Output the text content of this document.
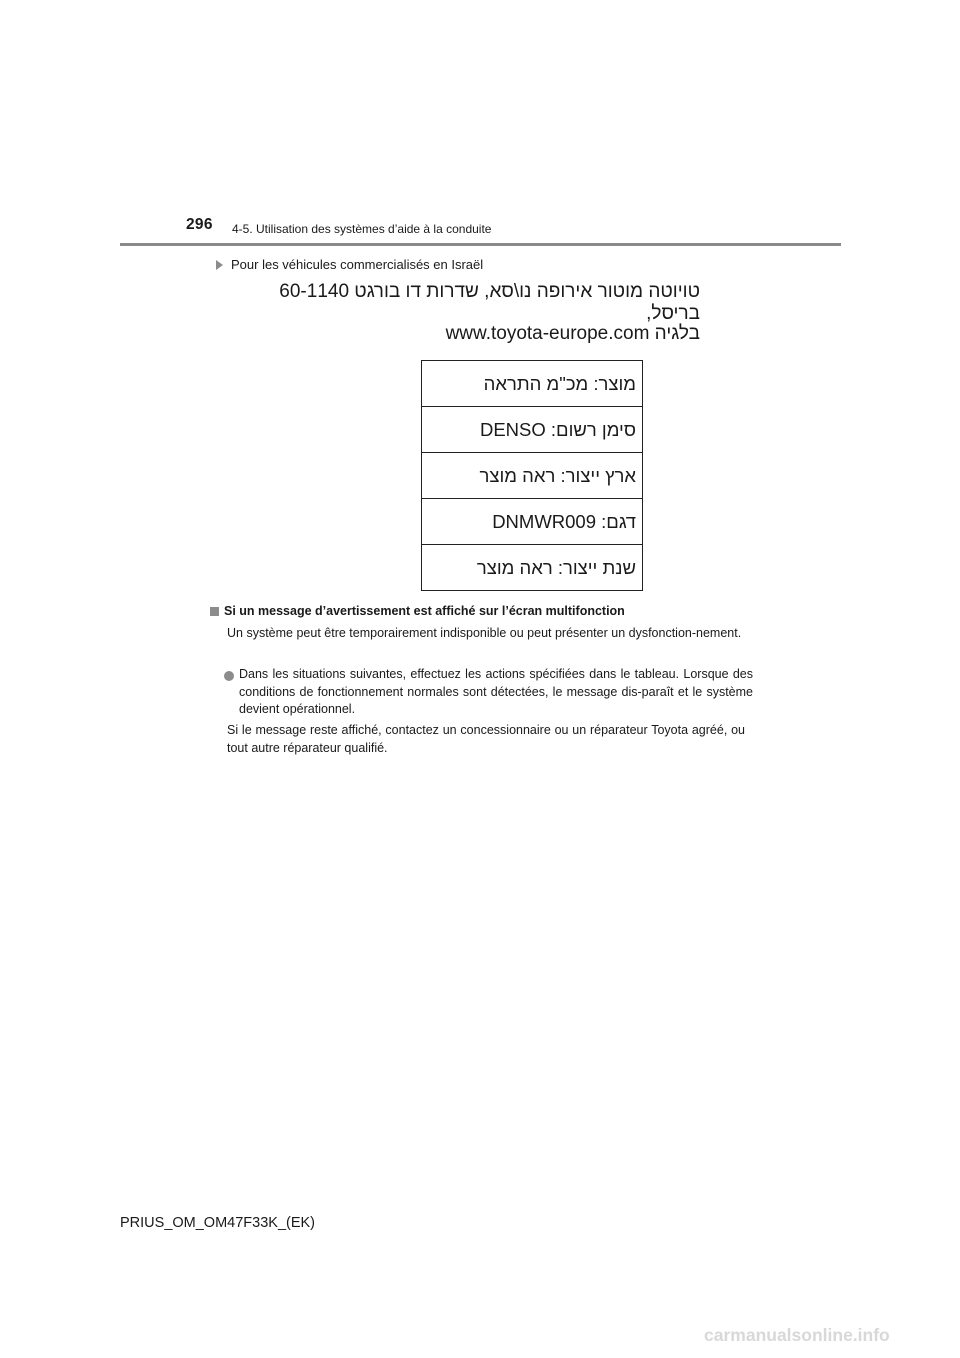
296 4-5. Utilisation des systèmes d’aide à la conduite
Pour les véhicules commercialisés en Israël
טויוטה מוטור אירופה נו\סא, שדרות דו בורגט 60-1140 בריסל,
בלגיה www.toyota-europe.com
מוצר: מכ"מ התראה
סימן רשום: DENSO
ארץ ייצור: ראה מוצר
דגם: DNMWR009
שנת ייצור: ראה מוצר
Si un message d’avertissement est affiché sur l’écran multifonction
Un système peut être temporairement indisponible ou peut présenter un dysfonction-nement.
Dans les situations suivantes, effectuez les actions spécifiées dans le tableau. Lorsque des conditions de fonctionnement normales sont détectées, le message dis-paraît et le système devient opérationnel.
Si le message reste affiché, contactez un concessionnaire ou un réparateur Toyota agréé, ou tout autre réparateur qualifié.
PRIUS_OM_OM47F33K_(EK)
carmanualsonline.info
